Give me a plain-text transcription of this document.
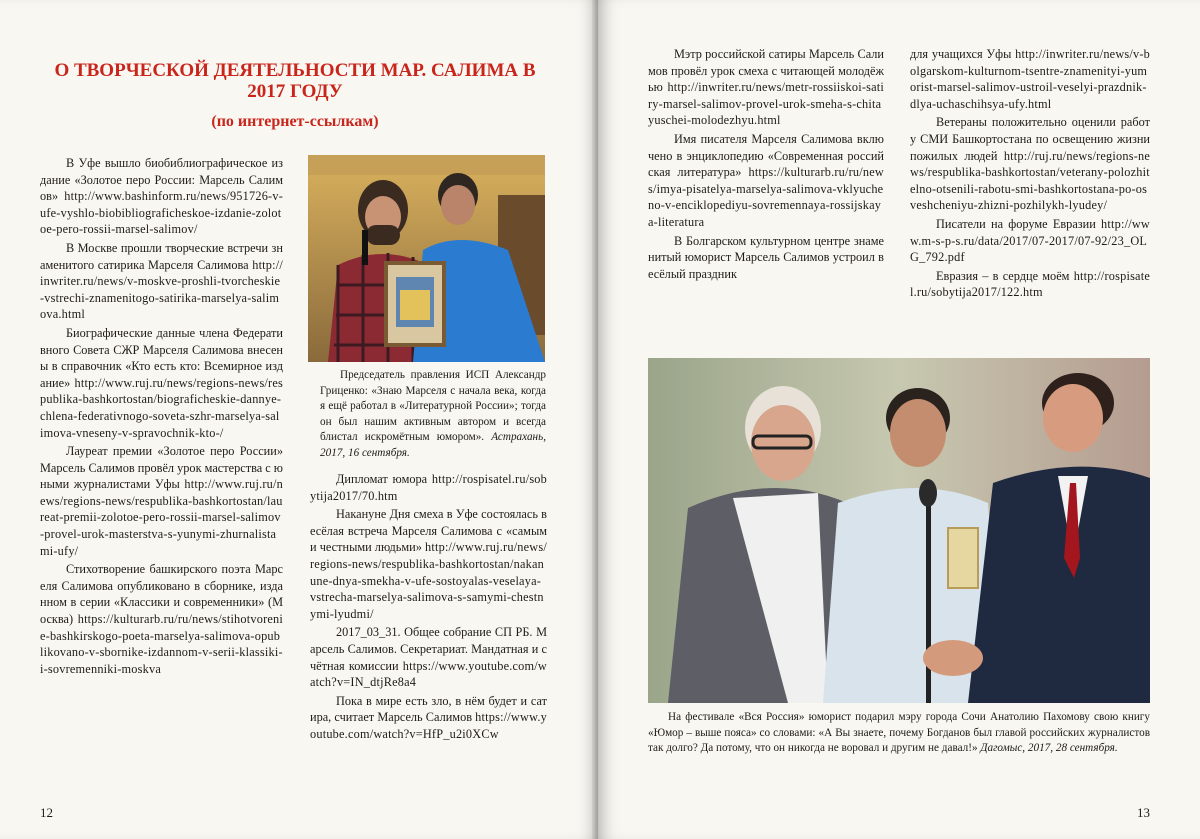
О ТВОРЧЕСКОЙ ДЕЯТЕЛЬНОСТИ МАР. САЛИМА В 2017 ГОДУ
(по интернет-ссылкам)

В Уфе вышло биобиблиографическое издание «Золотое перо России: Марсель Салимов» http://www.bashinform.ru/news/951726-v-ufe-vyshlo-biobibliograficheskoe-izdanie-zolotoe-pero-rossii-marsel-salimov/

В Москве прошли творческие встречи знаменитого сатирика Марселя Салимова http://inwriter.ru/news/v-moskve-proshli-tvorcheskie-vstrechi-znamenitogo-satirika-marselya-salimova.html

Биографические данные члена Федеративного Совета СЖР Марселя Салимова внесены в справочник «Кто есть кто: Всемирное издание» http://www.ruj.ru/news/regions-news/respublika-bashkortostan/biograficheskie-dannye-chlena-federativnogo-soveta-szhr-marselya-salimova-vneseny-v-spravochnik-kto-/

Лауреат премии «Золотое перо России» Марсель Салимов провёл урок мастерства с юными журналистами Уфы http://www.ruj.ru/news/regions-news/respublika-bashkortostan/laureat-premii-zolotoe-pero-rossii-marsel-salimov-provel-urok-masterstva-s-yunymi-zhurnalistami-ufy/

Стихотворение башкирского поэта Марселя Салимова опубликовано в сборнике, изданном в серии «Классики и современники» (Москва) https://kulturarb.ru/ru/news/stihotvorenie-bashkirskogo-poeta-marselya-salimova-opublikovano-v-sbornike-izdannom-v-serii-klassiki-i-sovremenniki-moskva

Председатель правления ИСП Александр Гриценко: «Знаю Марселя с начала века, когда я ещё работал в «Литературной России»; тогда он был нашим активным автором и всегда блистал искромётным юмором». Астрахань, 2017, 16 сентября.

Дипломат юмора http://rospisatel.ru/sobytija2017/70.htm

Накануне Дня смеха в Уфе состоялась весёлая встреча Марселя Салимова с «самыми честными людьми» http://www.ruj.ru/news/regions-news/respublika-bashkortostan/nakanune-dnya-smekha-v-ufe-sostoyalas-veselaya-vstrecha-marselya-salimova-s-samymi-chestnymi-lyudmi/

2017_03_31. Общее собрание СП РБ. Марсель Салимов. Секретариат. Мандатная и счётная комиссии https://www.youtube.com/watch?v=IN_dtjRe8a4

Пока в мире есть зло, в нём будет и сатира, считает Марсель Салимов https://www.youtube.com/watch?v=HfP_u2i0XCw

12

Мэтр российской сатиры Марсель Салимов провёл урок смеха с читающей молодёжью http://inwriter.ru/news/metr-rossiiskoi-satiry-marsel-salimov-provel-urok-smeha-s-chitayuschei-molodezhyu.html

Имя писателя Марселя Салимова включено в энциклопедию «Современная российская литература» https://kulturarb.ru/ru/news/imya-pisatelya-marselya-salimova-vklyucheno-v-enciklopediyu-sovremennaya-rossijskaya-literatura

В Болгарском культурном центре знаменитый юморист Марсель Салимов устроил весёлый праздник

для учащихся Уфы http://inwriter.ru/news/v-bolgarskom-kulturnom-tsentre-znamenityi-yumorist-marsel-salimov-ustroil-veselyi-prazdnik-dlya-uchaschihsya-ufy.html

Ветераны положительно оценили работу СМИ Башкортостана по освещению жизни пожилых людей http://ruj.ru/news/regions-news/respublika-bashkortostan/veterany-polozhitelno-otsenili-rabotu-smi-bashkortostana-po-osveshcheniyu-zhizni-pozhilykh-lyudey/

Писатели на форуме Евразии http://www.m-s-p-s.ru/data/2017/07-2017/07-92/23_OLG_792.pdf

Евразия – в сердце моём http://rospisatel.ru/sobytija2017/122.htm

На фестивале «Вся Россия» юморист подарил мэру города Сочи Анатолию Пахомову свою книгу «Юмор – выше пояса» со словами: «А Вы знаете, почему Богданов был главой российских журналистов так долго? Да потому, что он никогда не воровал и другим не давал!» Дагомыс, 2017, 28 сентября.

13
